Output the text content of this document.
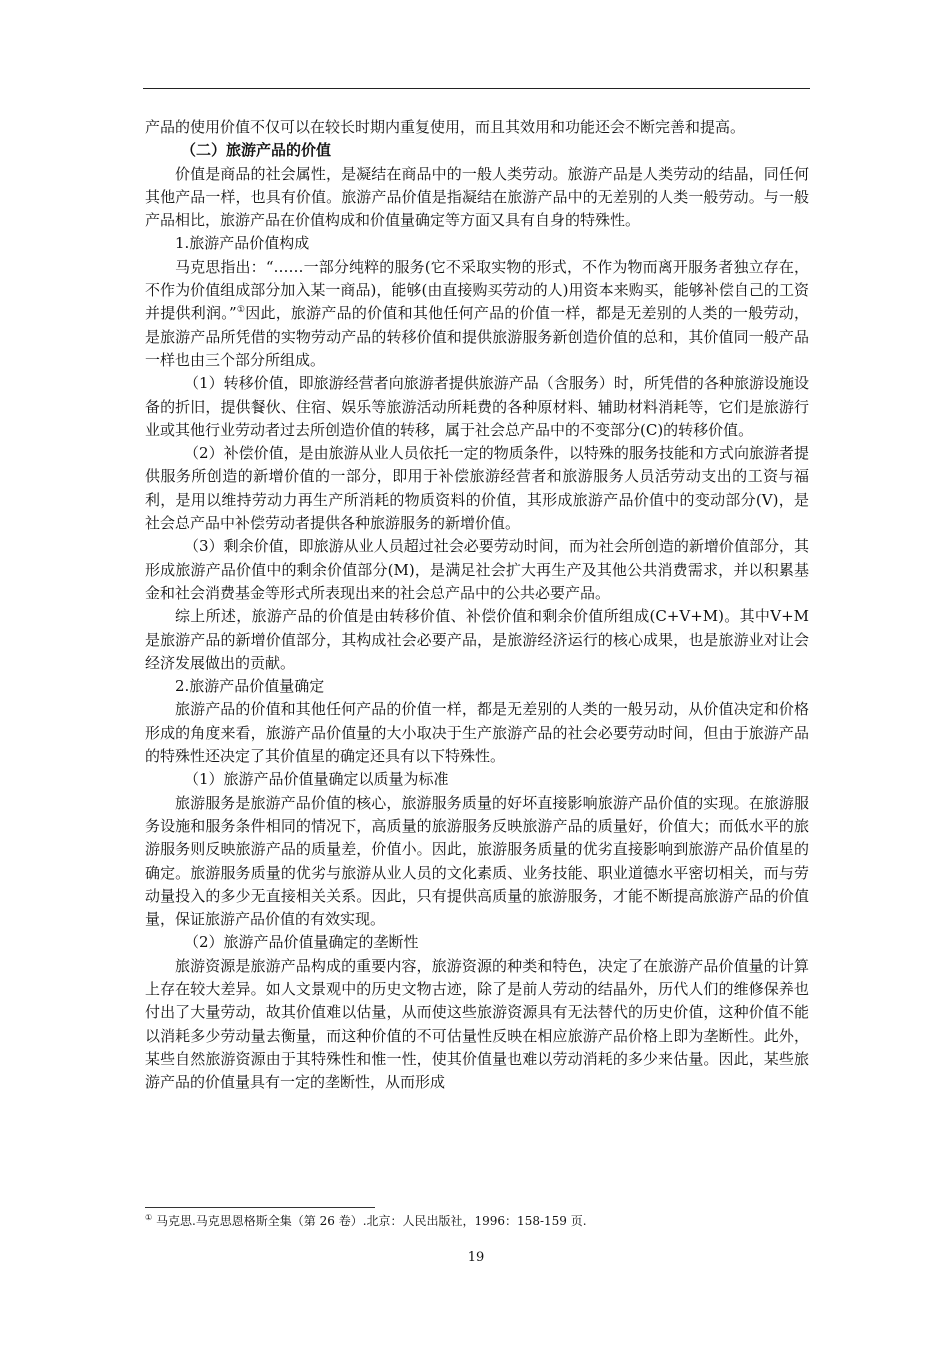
产品的使用价值不仅可以在较长时期内重复使用，而且其效用和功能还会不断完善和提高。

（二）旅游产品的价值

价值是商品的社会属性，是凝结在商品中的一般人类劳动。旅游产品是人类劳动的结晶，同任何其他产品一样，也具有价值。旅游产品价值是指凝结在旅游产品中的无差别的人类一般劳动。与一般产品相比，旅游产品在价值构成和价值量确定等方面又具有自身的特殊性。

1.旅游产品价值构成

马克思指出：“……一部分纯粹的服务(它不采取实物的形式，不作为物而离开服务者独立存在，不作为价值组成部分加入某一商品)，能够(由直接购买劳动的人)用资本来购买，能够补偿自己的工资并提供利润。”①因此，旅游产品的价值和其他任何产品的价值一样，都是无差别的人类的一般劳动，是旅游产品所凭借的实物劳动产品的转移价值和提供旅游服务新创造价值的总和，其价值同一般产品一样也由三个部分所组成。

（1）转移价值，即旅游经营者向旅游者提供旅游产品（含服务）时，所凭借的各种旅游设施设备的折旧，提供餐伙、住宿、娱乐等旅游活动所耗费的各种原材料、辅助材料消耗等，它们是旅游行业或其他行业劳动者过去所创造价值的转移，属于社会总产品中的不变部分(C)的转移价值。

（2）补偿价值，是由旅游从业人员依托一定的物质条件，以特殊的服务技能和方式向旅游者提供服务所创造的新增价值的一部分，即用于补偿旅游经营者和旅游服务人员活劳动支出的工资与福利，是用以维持劳动力再生产所消耗的物质资料的价值，其形成旅游产品价值中的变动部分(V)，是社会总产品中补偿劳动者提供各种旅游服务的新增价值。

（3）剩余价值，即旅游从业人员超过社会必要劳动时间，而为社会所创造的新增价值部分，其形成旅游产品价值中的剩余价值部分(M)，是满足社会扩大再生产及其他公共消费需求，并以积累基金和社会消费基金等形式所表现出来的社会总产品中的公共必要产品。

综上所述，旅游产品的价值是由转移价值、补偿价值和剩余价值所组成(C+V+M)。其中V+M是旅游产品的新增价值部分，其构成社会必要产品，是旅游经济运行的核心成果，也是旅游业对让会经济发展做出的贡献。

2.旅游产品价值量确定

旅游产品的价值和其他任何产品的价值一样，都是无差别的人类的一般另动，从价值决定和价格形成的角度来看，旅游产品价值量的大小取决于生产旅游产品的社会必要劳动时间，但由于旅游产品的特殊性还决定了其价值星的确定还具有以下特殊性。

（1）旅游产品价值量确定以质量为标准

旅游服务是旅游产品价值的核心，旅游服务质量的好坏直接影响旅游产品价值的实现。在旅游服务设施和服务条件相同的情况下，高质量的旅游服务反映旅游产品的质量好，价值大；而低水平的旅游服务则反映旅游产品的质量差，价值小。因此，旅游服务质量的优劣直接影响到旅游产品价值星的确定。旅游服务质量的优劣与旅游从业人员的文化素质、业务技能、职业道德水平密切相关，而与劳动量投入的多少无直接相关关系。因此，只有提供高质量的旅游服务，才能不断提高旅游产品的价值量，保证旅游产品价值的有效实现。

（2）旅游产品价值量确定的垄断性

旅游资源是旅游产品构成的重要内容，旅游资源的种类和特色，决定了在旅游产品价值量的计算上存在较大差异。如人文景观中的历史文物古迹，除了是前人劳动的结晶外，历代人们的维修保养也付出了大量劳动，故其价值难以估量，从而使这些旅游资源具有无法替代的历史价值，这种价值不能以消耗多少劳动量去衡量，而这种价值的不可估量性反映在相应旅游产品价格上即为垄断性。此外，某些自然旅游资源由于其特殊性和惟一性，使其价值量也难以劳动消耗的多少来估量。因此，某些旅游产品的价值量具有一定的垄断性，从而形成

① 马克思.马克思恩格斯全集（第 26 卷）.北京：人民出版社，1996：158-159 页.
19
